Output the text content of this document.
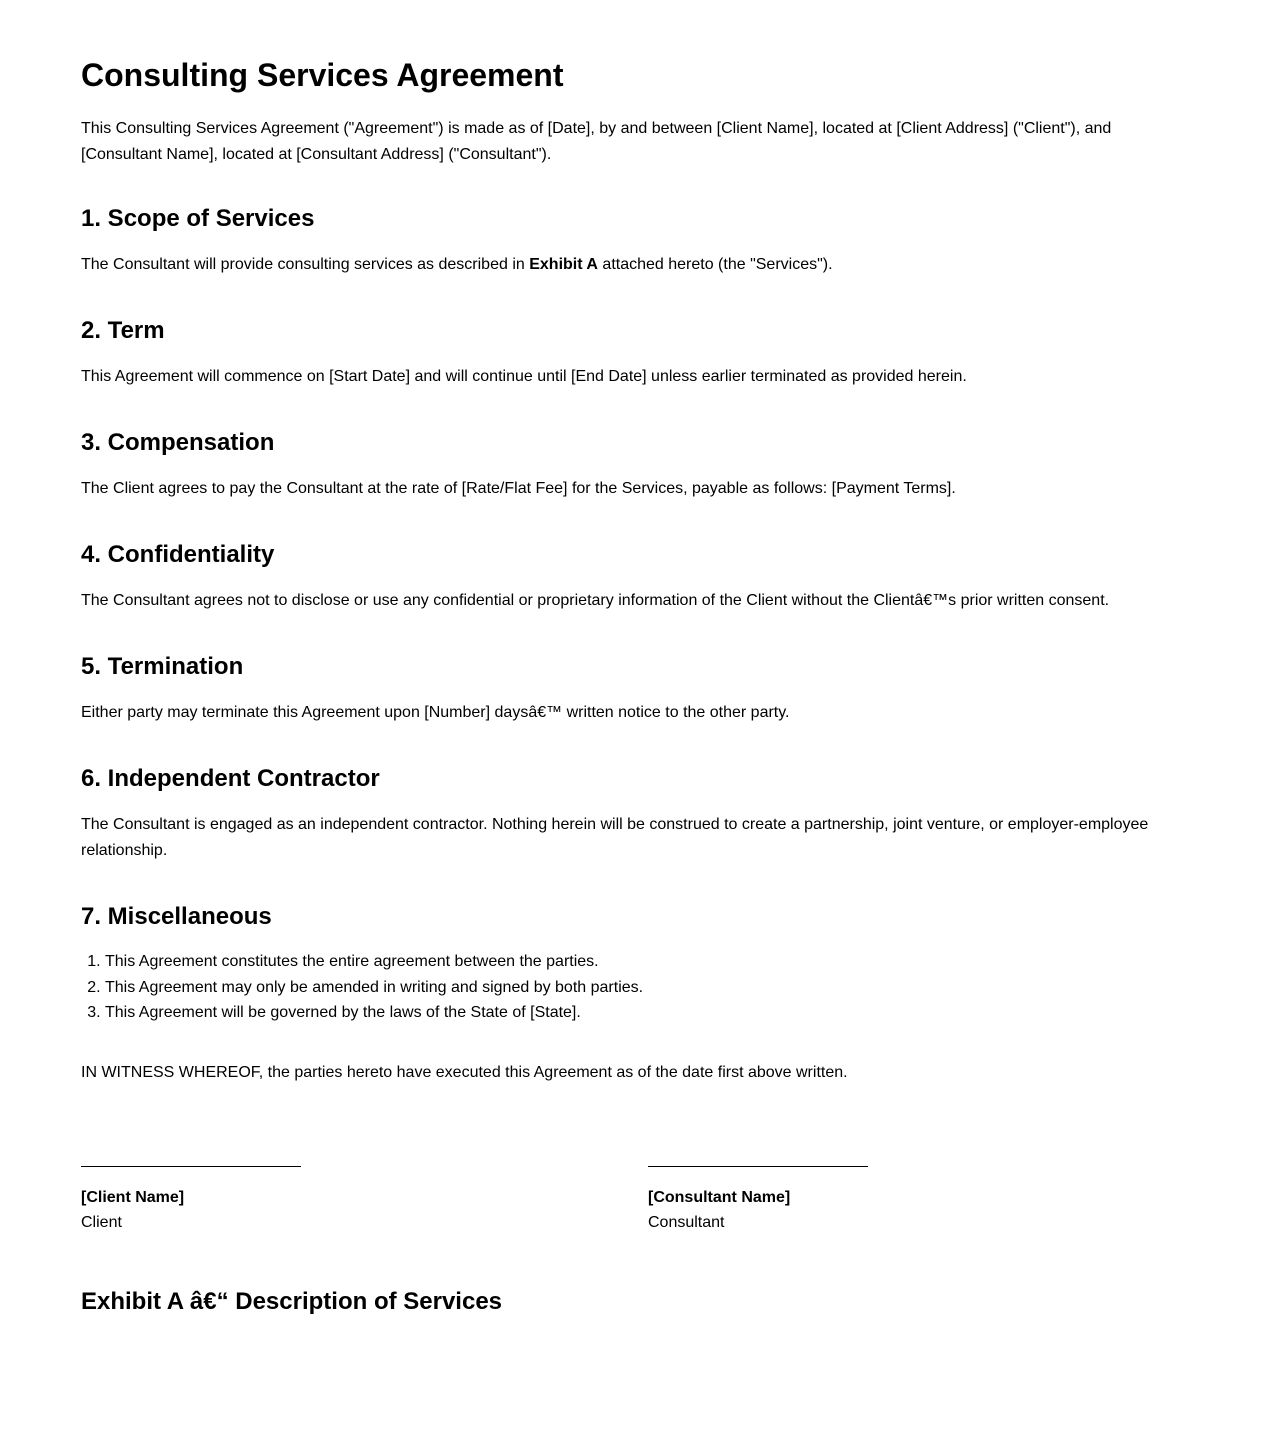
Consulting Services Agreement

This Consulting Services Agreement ("Agreement") is made as of [Date], by and between [Client Name], located at [Client Address] ("Client"), and [Consultant Name], located at [Consultant Address] ("Consultant").

1. Scope of Services

The Consultant will provide consulting services as described in Exhibit A attached hereto (the "Services").

2. Term

This Agreement will commence on [Start Date] and will continue until [End Date] unless earlier terminated as provided herein.

3. Compensation

The Client agrees to pay the Consultant at the rate of [Rate/Flat Fee] for the Services, payable as follows: [Payment Terms].

4. Confidentiality

The Consultant agrees not to disclose or use any confidential or proprietary information of the Client without the Clientâ€™s prior written consent.

5. Termination

Either party may terminate this Agreement upon [Number] daysâ€™ written notice to the other party.

6. Independent Contractor

The Consultant is engaged as an independent contractor. Nothing herein will be construed to create a partnership, joint venture, or employer-employee relationship.

7. Miscellaneous
1. This Agreement constitutes the entire agreement between the parties.
2. This Agreement may only be amended in writing and signed by both parties.
3. This Agreement will be governed by the laws of the State of [State].

IN WITNESS WHEREOF, the parties hereto have executed this Agreement as of the date first above written.

[Client Name]
Client
[Consultant Name]
Consultant
Exhibit A â€“ Description of Services
